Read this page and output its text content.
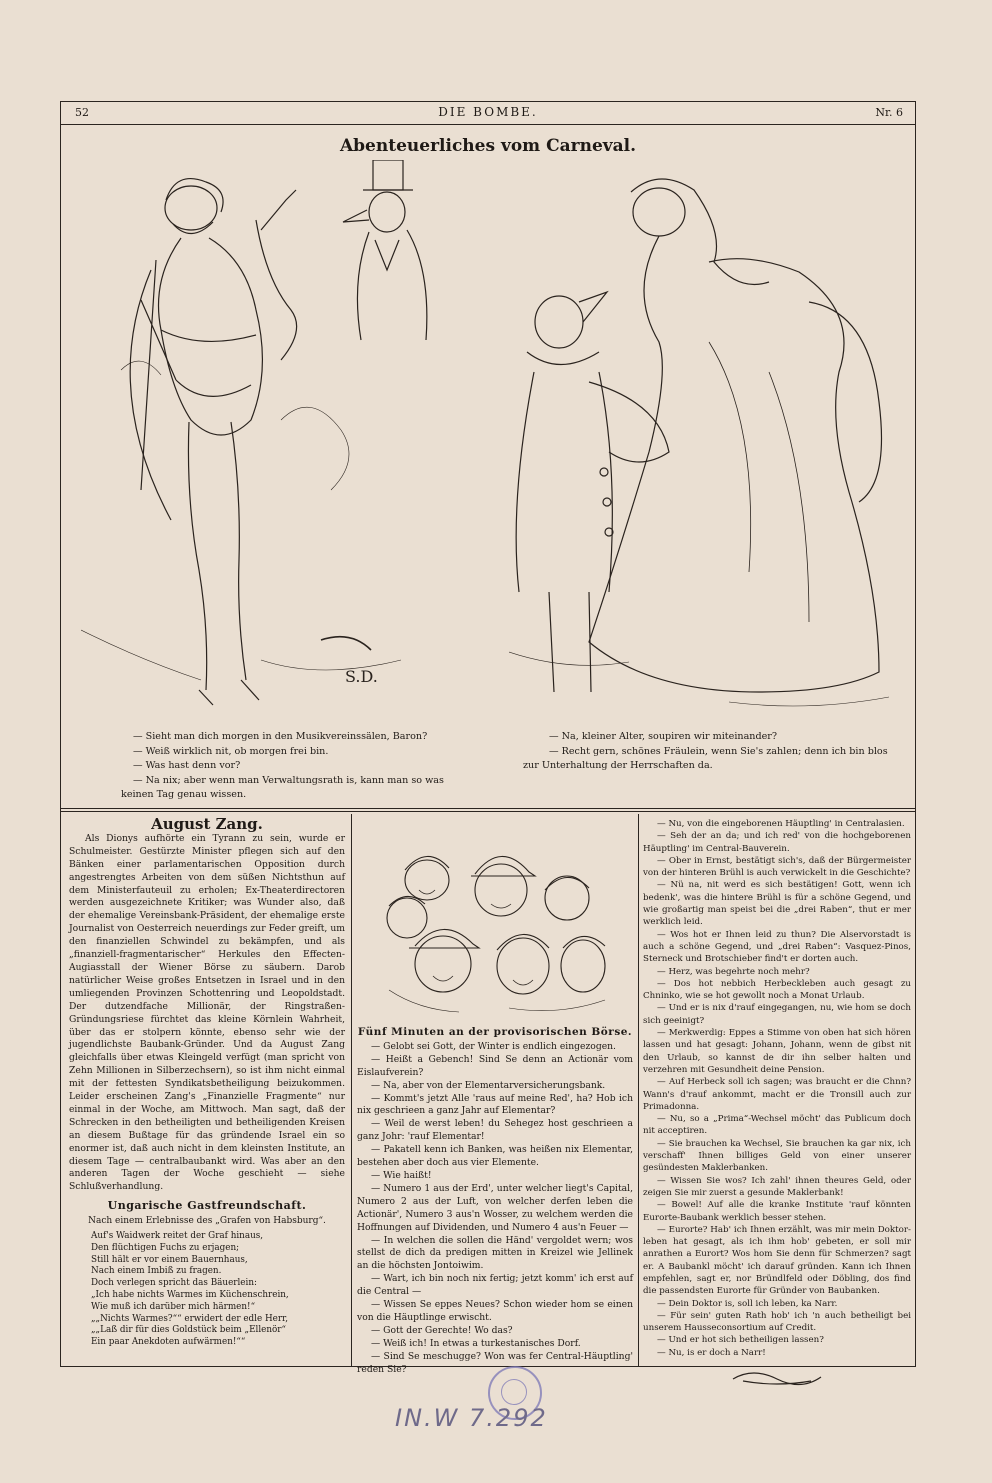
52	DIE BOMBE.	Nr. 6
Abenteuerliches vom Carneval.
S.D.
— Sieht man dich morgen in den Musikvereinssälen, Baron?
— Weiß wirklich nit, ob morgen frei bin.
— Was hast denn vor?
— Na nix; aber wenn man Verwaltungsrath is, kann man so was
keinen Tag genau wissen.
— Na, kleiner Alter, soupiren wir miteinander?
— Recht gern, schönes Fräulein, wenn Sie's zahlen; denn ich bin blos
zur Unterhaltung der Herrschaften da.
August Zang.

Als Dionys aufhörte ein Tyrann zu sein, wurde er Schulmeister. Gestürzte Minister pflegen sich auf den Bänken einer parlamentarischen Opposition durch angestrengtes Arbeiten von dem süßen Nichtsthun auf dem Ministerfauteuil zu erholen; Ex-Theaterdirectoren werden ausgezeichnete Kritiker; was Wunder also, daß der ehemalige Vereinsbank-Präsident, der ehemalige erste Journalist von Oesterreich neuerdings zur Feder greift, um den finanziellen Schwindel zu bekämpfen, und als „finanziell-fragmentarischer“ Herkules den Effecten-Augiasstall der Wiener Börse zu säubern. Darob natürlicher Weise großes Entsetzen in Israel und in den umliegenden Provinzen Schottenring und Leopoldstadt. Der dutzendfache Millionär, der Ringstraßen-Gründungsriese fürchtet das kleine Körnlein Wahrheit, über das er stolpern könnte, ebenso sehr wie der jugendlichste Baubank-Gründer. Und da August Zang gleichfalls über etwas Kleingeld verfügt (man spricht von Zehn Millionen in Silberzechsern), so ist ihm nicht einmal mit der fettesten Syndikatsbetheiligung beizukommen. Leider erscheinen Zang's „Finanzielle Fragmente“ nur einmal in der Woche, am Mittwoch. Man sagt, daß der Schrecken in den betheiligten und betheiligenden Kreisen an diesem Bußtage für das gründende Israel ein so enormer ist, daß auch nicht in dem kleinsten Institute, an diesem Tage — centralbaubankt wird. Was aber an den anderen Tagen der Woche geschieht — siehe Schlußverhandlung.

Ungarische Gastfreundschaft.
Nach einem Erlebnisse des „Grafen von Habsburg“.
Auf's Waidwerk reitet der Graf hinaus,
Den flüchtigen Fuchs zu erjagen;
Still hält er vor einem Bauernhaus,
Nach einem Imbiß zu fragen.
Doch verlegen spricht das Bäuerlein:
„Ich habe nichts Warmes im Küchenschrein,
Wie muß ich darüber mich härmen!“
„„Nichts Warmes?““ erwidert der edle Herr,
„„Laß dir für dies Goldstück beim „Ellenör“
Ein paar Anekdoten aufwärmen!““
Fünf Minuten an der provisorischen Börse.

— Gelobt sei Gott, der Winter is endlich eingezogen.

— Heißt a Gebench! Sind Se denn an Actionär vom Eislaufverein?

— Na, aber von der Elementarversicherungsbank.

— Kommt's jetzt Alle 'raus auf meine Red', ha? Hob ich nix geschrieen a ganz Jahr auf Elementar?

— Weil de werst leben! du Sehegez host geschrieen a ganz Johr: 'rauf Elementar!

— Pakatell kenn ich Banken, was heißen nix Elementar, bestehen aber doch aus vier Elemente.

— Wie haißt!

— Numero 1 aus der Erd', unter welcher liegt's Capital, Numero 2 aus der Luft, von welcher derfen leben die Actionär', Numero 3 aus'n Wosser, zu welchem werden die Hoffnungen auf Dividenden, und Numero 4 aus'n Feuer —

— In welchen die sollen die Händ' vergoldet wern; wos stellst de dich da predigen mitten in Kreizel wie Jellinek an die höchsten Jontoiwim.

— Wart, ich bin noch nix fertig; jetzt komm' ich erst auf die Central —

— Wissen Se eppes Neues? Schon wieder hom se einen von die Häuptlinge erwischt.

— Gott der Gerechte! Wo das?

— Weiß ich! In etwas a turkestanisches Dorf.

— Sind Se meschugge? Won was fer Central-Häuptling' reden Sie?

— Nu, von die eingeborenen Häuptling' in Centralasien.

— Seh der an da; und ich red' von die hochgeborenen Häuptling' im Central-Bauverein.

— Ober in Ernst, bestätigt sich's, daß der Bürgermeister von der hinteren Brühl is auch verwickelt in die Geschichte?

— Nü na, nit werd es sich bestätigen! Gott, wenn ich bedenk', was die hintere Brühl is für a schöne Gegend, und wie großartig man speist bei die „drei Raben“, thut er mer werklich leid.

— Wos hot er Ihnen leid zu thun? Die Alservorstadt is auch a schöne Gegend, und „drei Raben“: Vasquez-Pinos, Sterneck und Brotschieber find't er dorten auch.

— Herz, was begehrte noch mehr?

— Dos hot nebbich Herbeckleben auch gesagt zu Chninko, wie se hot gewollt noch a Monat Urlaub.

— Und er is nix d'rauf eingegangen, nu, wie hom se doch sich geeinigt?

— Merkwerdig: Eppes a Stimme von oben hat sich hören lassen und hat gesagt: Johann, Johann, wenn de gibst nit den Urlaub, so kannst de dir ihn selber halten und verzehren mit Gesundheit deine Pension.

— Auf Herbeck soll ich sagen; was braucht er die Chnn? Wann's d'rauf ankommt, macht er die Tronsill auch zur Primadonna.

— Nu, so a „Prima“-Wechsel möcht' das Publicum doch nit acceptiren.

— Sie brauchen ka Wechsel, Sie brauchen ka gar nix, ich verschaff' Ihnen billiges Geld von einer unserer gesündesten Maklerbanken.

— Wissen Sie wos? Ich zahl' ihnen theures Geld, oder zeigen Sie mir zuerst a gesunde Maklerbank!

— Bowel! Auf alle die kranke Institute 'rauf könnten Eurorte-Baubank werklich besser stehen.

— Eurorte? Hab' ich Ihnen erzählt, was mir mein Doktor-leben hat gesagt, als ich ihm hob' gebeten, er soll mir anrathen a Eurort? Wos hom Sie denn für Schmerzen? sagt er. A Baubankl möcht' ich darauf gründen. Kann ich Ihnen empfehlen, sagt er, nor Bründlfeld oder Döbling, dos find die passendsten Eurorte für Gründer von Baubanken.

— Dein Doktor is, soll ich leben, ka Narr.

— Für sein' guten Rath hob' ich 'n auch betheiligt bei unserem Hausseconsortium auf Credit.

— Und er hot sich betheiligen lassen?

— Nu, is er doch a Narr!

IN.W 7.292
